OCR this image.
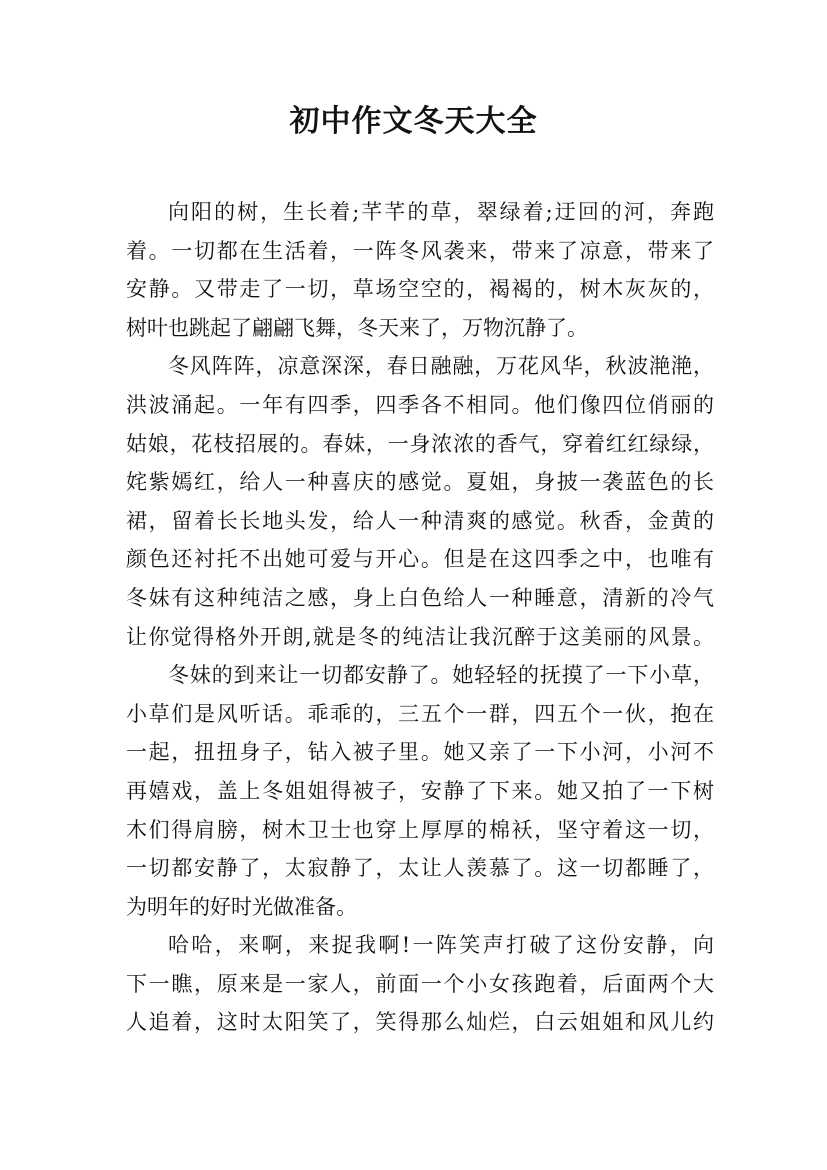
初中作文冬天大全
向阳的树，生长着;芊芊的草，翠绿着;迂回的河，奔跑
着。一切都在生活着，一阵冬风袭来，带来了凉意，带来了
安静。又带走了一切，草场空空的，褐褐的，树木灰灰的，
树叶也跳起了翩翩飞舞，冬天来了，万物沉静了。
冬风阵阵，凉意深深，春日融融，万花风华，秋波滟滟，
洪波涌起。一年有四季，四季各不相同。他们像四位俏丽的
姑娘，花枝招展的。春妹，一身浓浓的香气，穿着红红绿绿，
姹紫嫣红，给人一种喜庆的感觉。夏姐，身披一袭蓝色的长
裙，留着长长地头发，给人一种清爽的感觉。秋香，金黄的
颜色还衬托不出她可爱与开心。但是在这四季之中，也唯有
冬妹有这种纯洁之感，身上白色给人一种睡意，清新的冷气
让你觉得格外开朗,就是冬的纯洁让我沉醉于这美丽的风景。
冬妹的到来让一切都安静了。她轻轻的抚摸了一下小草，
小草们是风听话。乖乖的，三五个一群，四五个一伙，抱在
一起，扭扭身子，钻入被子里。她又亲了一下小河，小河不
再嬉戏，盖上冬姐姐得被子，安静了下来。她又拍了一下树
木们得肩膀，树木卫士也穿上厚厚的棉袄，坚守着这一切，
一切都安静了，太寂静了，太让人羡慕了。这一切都睡了，
为明年的好时光做准备。
哈哈，来啊，来捉我啊!一阵笑声打破了这份安静，向
下一瞧，原来是一家人，前面一个小女孩跑着，后面两个大
人追着，这时太阳笑了，笑得那么灿烂，白云姐姐和风儿约
